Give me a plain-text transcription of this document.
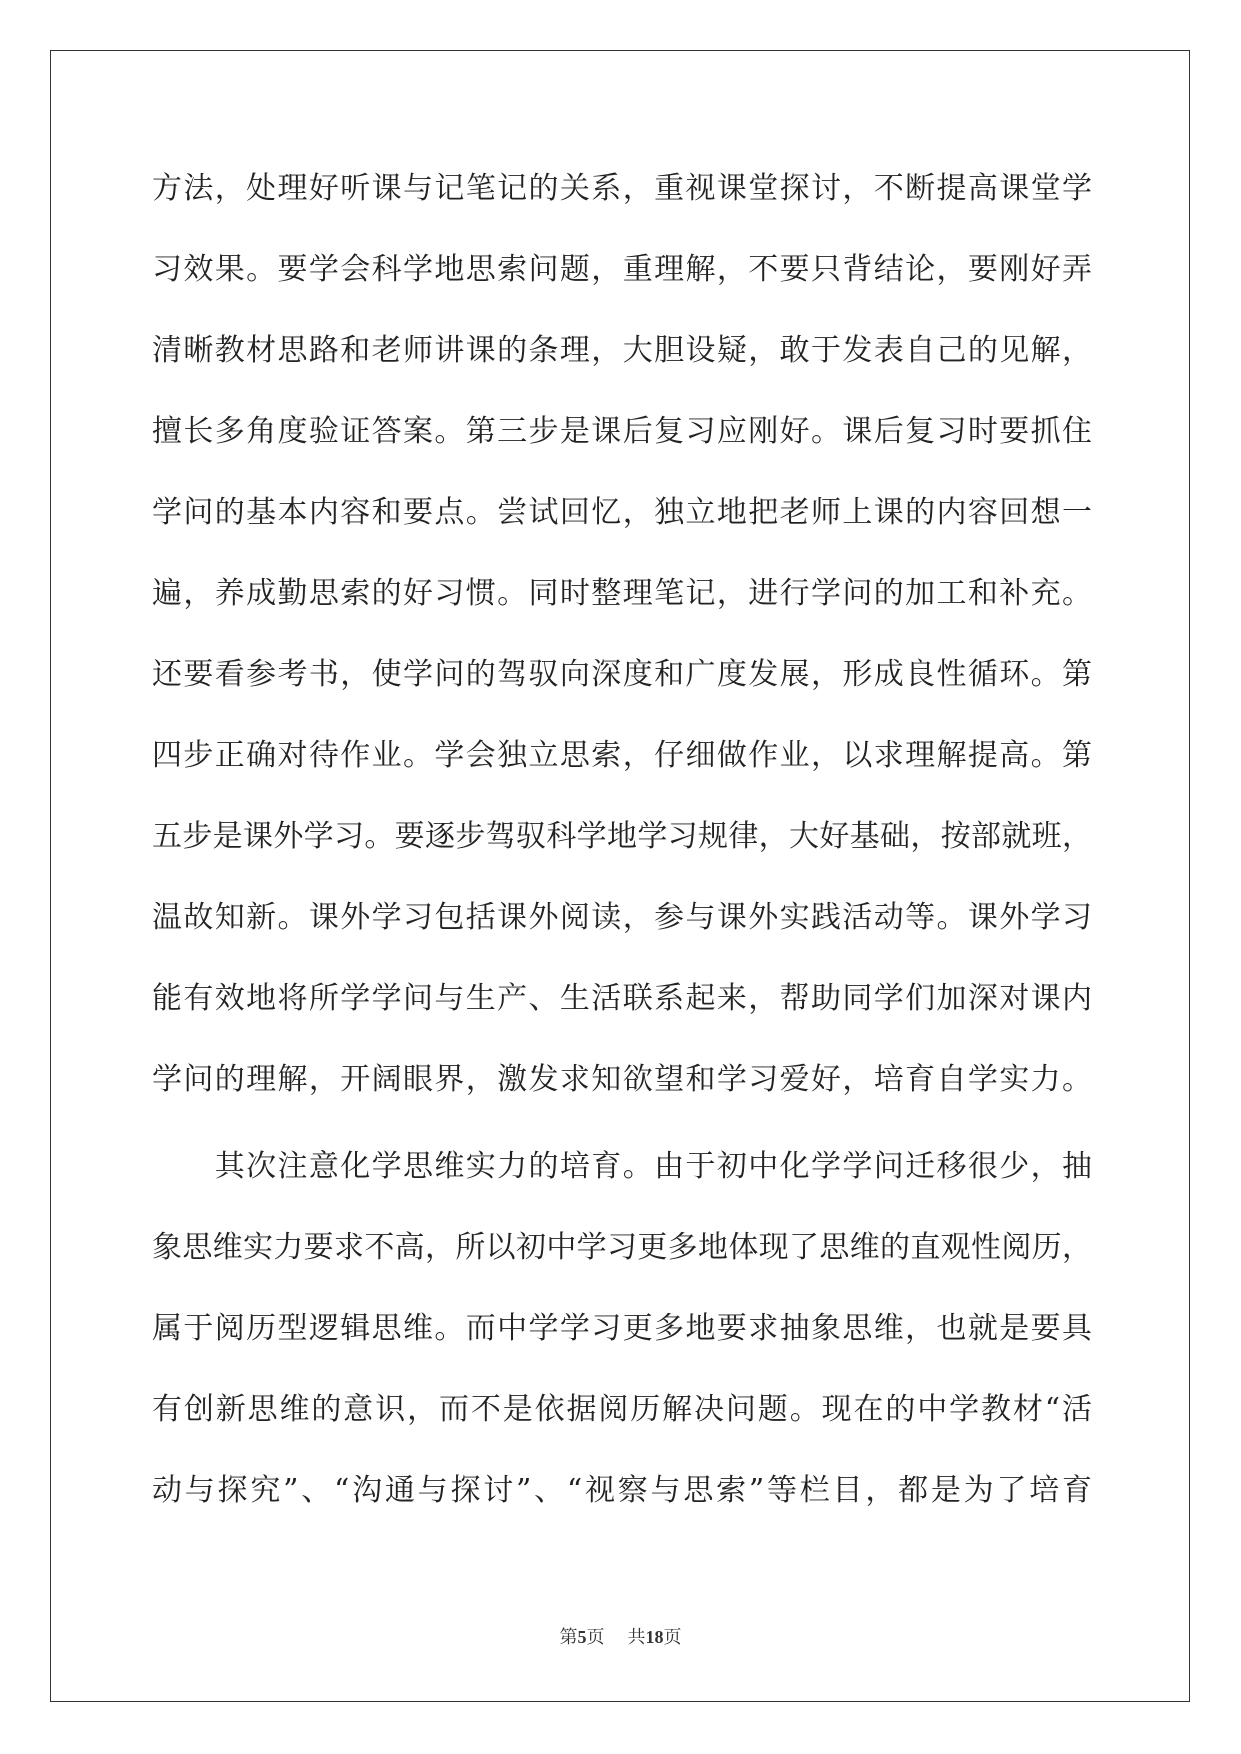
方法，处理好听课与记笔记的关系，重视课堂探讨，不断提高课堂学
习效果。要学会科学地思索问题，重理解，不要只背结论，要刚好弄
清晰教材思路和老师讲课的条理，大胆设疑，敢于发表自己的见解，
擅长多角度验证答案。第三步是课后复习应刚好。课后复习时要抓住
学问的基本内容和要点。尝试回忆，独立地把老师上课的内容回想一
遍，养成勤思索的好习惯。同时整理笔记，进行学问的加工和补充。
还要看参考书，使学问的驾驭向深度和广度发展，形成良性循环。第
四步正确对待作业。学会独立思索，仔细做作业，以求理解提高。第
五步是课外学习。要逐步驾驭科学地学习规律，大好基础，按部就班，
温故知新。课外学习包括课外阅读，参与课外实践活动等。课外学习
能有效地将所学学问与生产、生活联系起来，帮助同学们加深对课内
学问的理解，开阔眼界，激发求知欲望和学习爱好，培育自学实力。
　　其次注意化学思维实力的培育。由于初中化学学问迁移很少，抽
象思维实力要求不高，所以初中学习更多地体现了思维的直观性阅历，
属于阅历型逻辑思维。而中学学习更多地要求抽象思维，也就是要具
有创新思维的意识，而不是依据阅历解决问题。现在的中学教材“活
动与探究”、“沟通与探讨”、“视察与思索”等栏目，都是为了培育
第5页 共18页
